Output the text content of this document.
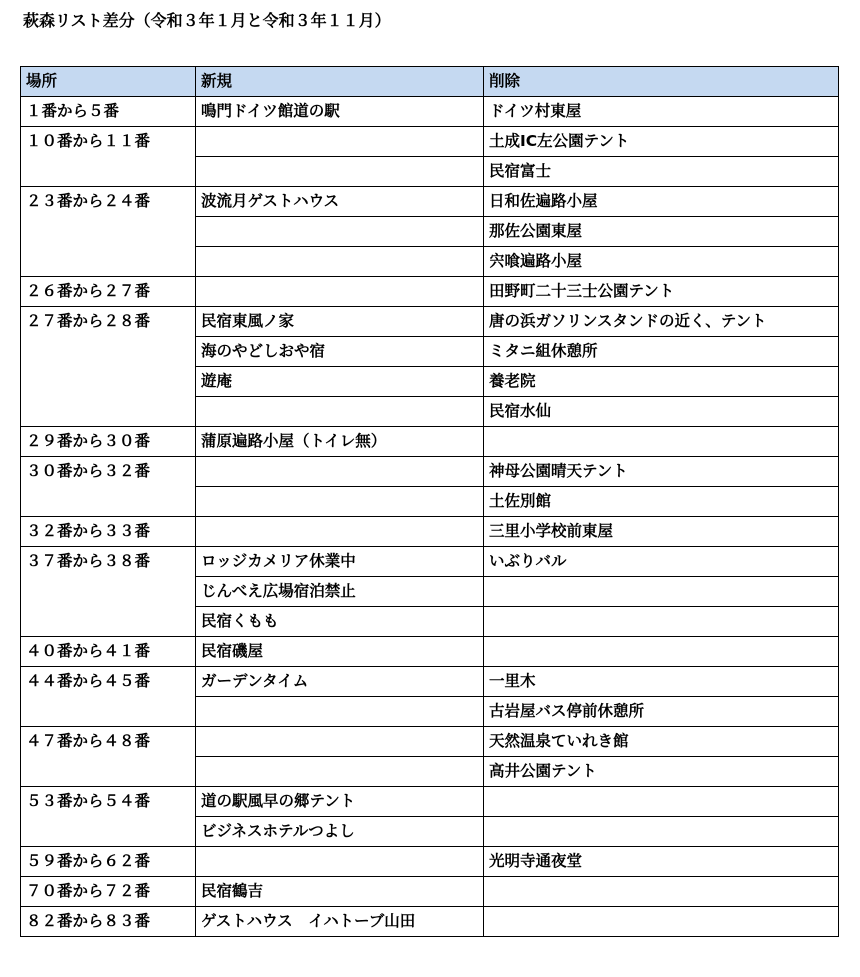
萩森リスト差分（令和３年１月と令和３年１１月）
場所	新規	削除
１番から５番	鳴門ドイツ館道の駅	ドイツ村東屋
１０番から１１番		土成IC左公園テント
		民宿富士
２３番から２４番	波流月ゲストハウス	日和佐遍路小屋
		那佐公園東屋
		宍喰遍路小屋
２６番から２７番		田野町二十三士公園テント
２７番から２８番	民宿東風ノ家	唐の浜ガソリンスタンドの近く、テント
	海のやどしおや宿	ミタニ組休憩所
	遊庵	養老院
		民宿水仙
２９番から３０番	蒲原遍路小屋（トイレ無）	
３０番から３２番		神母公園晴天テント
		土佐別館
３２番から３３番		三里小学校前東屋
３７番から３８番	ロッジカメリア休業中	いぶりバル
	じんべえ広場宿泊禁止	
	民宿くもも	
４０番から４１番	民宿磯屋	
４４番から４５番	ガーデンタイム	一里木
		古岩屋バス停前休憩所
４７番から４８番		天然温泉ていれき館
		高井公園テント
５３番から５４番	道の駅風早の郷テント	
	ビジネスホテルつよし	
５９番から６２番		光明寺通夜堂
７０番から７２番	民宿鶴吉	
８２番から８３番	ゲストハウス　イハトーブ山田	
